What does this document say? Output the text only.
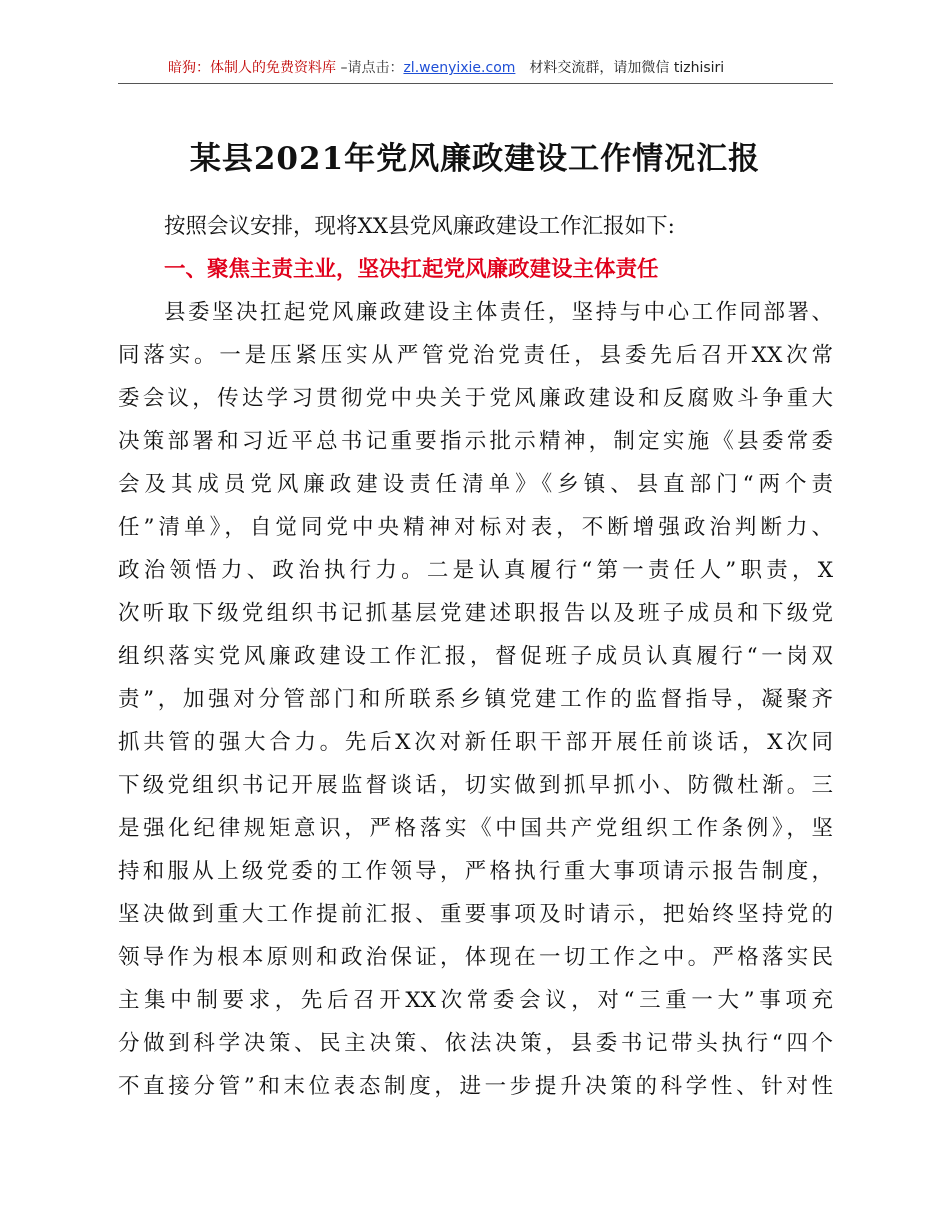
暗狗：体制人的免费资料库 –请点击：zl.wenyixie.com 材料交流群，请加微信 tizhisiri
某县2021年党风廉政建设工作情况汇报
按照会议安排，现将XX县党风廉政建设工作汇报如下:
一、聚焦主责主业，坚决扛起党风廉政建设主体责任
县委坚决扛起党风廉政建设主体责任，坚持与中心工作同部署、
同落实。一是压紧压实从严管党治党责任，县委先后召开XX次常
委会议，传达学习贯彻党中央关于党风廉政建设和反腐败斗争重大
决策部署和习近平总书记重要指示批示精神，制定实施《县委常委
会及其成员党风廉政建设责任清单》《乡镇、县直部门“两个责
任”清单》，自觉同党中央精神对标对表，不断增强政治判断力、
政治领悟力、政治执行力。二是认真履行“第一责任人”职责，X
次听取下级党组织书记抓基层党建述职报告以及班子成员和下级党
组织落实党风廉政建设工作汇报，督促班子成员认真履行“一岗双
责”，加强对分管部门和所联系乡镇党建工作的监督指导，凝聚齐
抓共管的强大合力。先后X次对新任职干部开展任前谈话，X次同
下级党组织书记开展监督谈话，切实做到抓早抓小、防微杜渐。三
是强化纪律规矩意识，严格落实《中国共产党组织工作条例》，坚
持和服从上级党委的工作领导，严格执行重大事项请示报告制度，
坚决做到重大工作提前汇报、重要事项及时请示，把始终坚持党的
领导作为根本原则和政治保证，体现在一切工作之中。严格落实民
主集中制要求，先后召开XX次常委会议，对“三重一大”事项充
分做到科学决策、民主决策、依法决策，县委书记带头执行“四个
不直接分管”和末位表态制度，进一步提升决策的科学性、针对性
